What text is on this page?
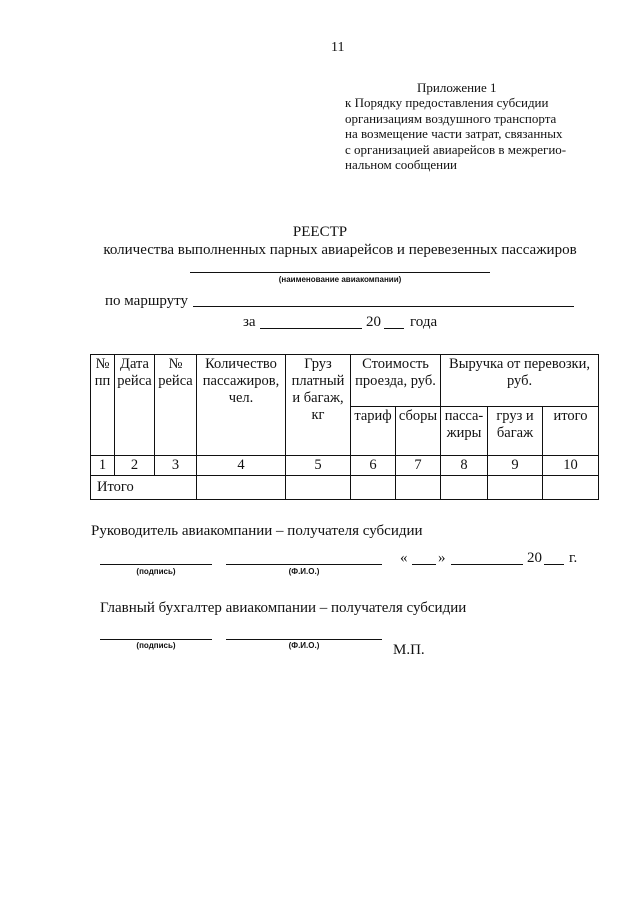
11
Приложение 1
к Порядку предоставления субсидии
организациям воздушного транспорта
на возмещение части затрат, связанных
с организацией авиарейсов в межрегио-
нальном сообщении
РЕЕСТР
количества выполненных парных авиарейсов и перевезенных пассажиров
(наименование авиакомпании)
по маршруту
за	20 года
№ пп	Дата рейса	№ рейса	Количество пассажиров, чел.	Груз платный и багаж, кг	Стоимость проезда, руб.		Выручка от перевозки, руб.		
					тариф	сборы	пасса-жиры	груз и багаж	итого
1	2	3	4	5	6	7	8	9	10
Итого									
Руководитель авиакомпании – получателя субсидии
(подпись)	(Ф.И.О.)
« »	20 г.
Главный бухгалтер авиакомпании – получателя субсидии
(подпись)	(Ф.И.О.)	М.П.
